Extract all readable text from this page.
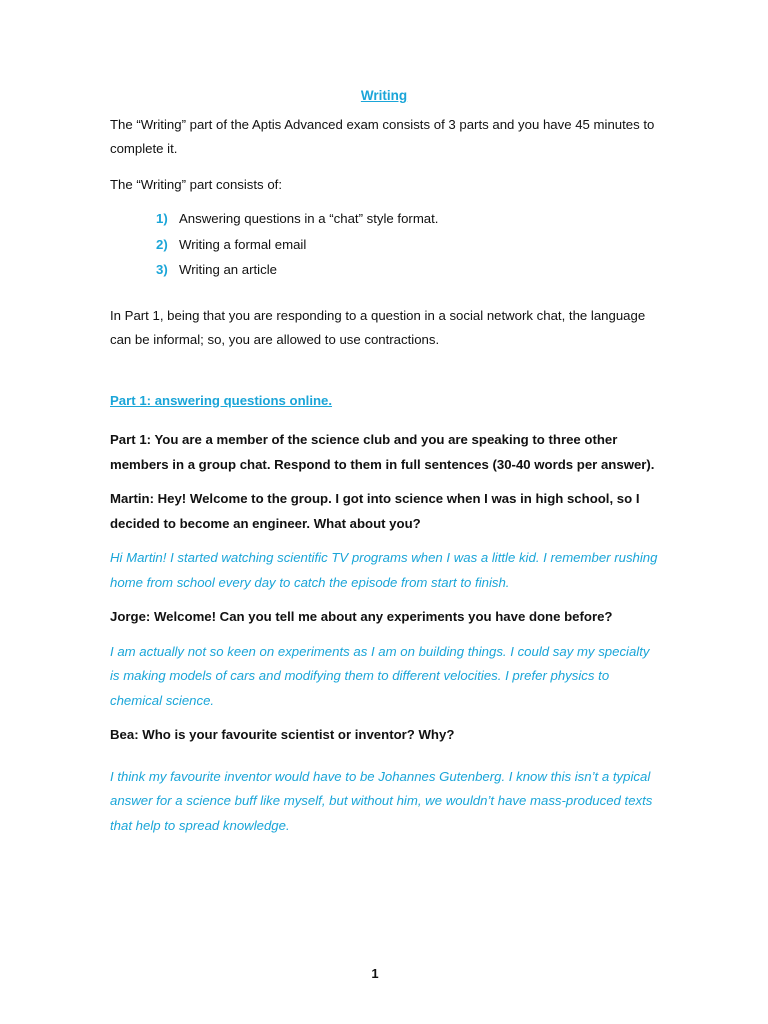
Writing

The “Writing” part of the Aptis Advanced exam consists of 3 parts and you have 45 minutes to complete it.

The “Writing” part consists of:

1) Answering questions in a “chat” style format.
2) Writing a formal email
3) Writing an article

In Part 1, being that you are responding to a question in a social network chat, the language can be informal; so, you are allowed to use contractions.

Part 1: answering questions online.

Part 1: You are a member of the science club and you are speaking to three other members in a group chat. Respond to them in full sentences (30-40 words per answer).

Martin: Hey! Welcome to the group. I got into science when I was in high school, so I decided to become an engineer. What about you?

Hi Martin! I started watching scientific TV programs when I was a little kid. I remember rushing home from school every day to catch the episode from start to finish.

Jorge: Welcome! Can you tell me about any experiments you have done before?

I am actually not so keen on experiments as I am on building things. I could say my specialty is making models of cars and modifying them to different velocities. I prefer physics to chemical science.

Bea: Who is your favourite scientist or inventor? Why?

I think my favourite inventor would have to be Johannes Gutenberg. I know this isn’t a typical answer for a science buff like myself, but without him, we wouldn’t have mass-produced texts that help to spread knowledge.

1
